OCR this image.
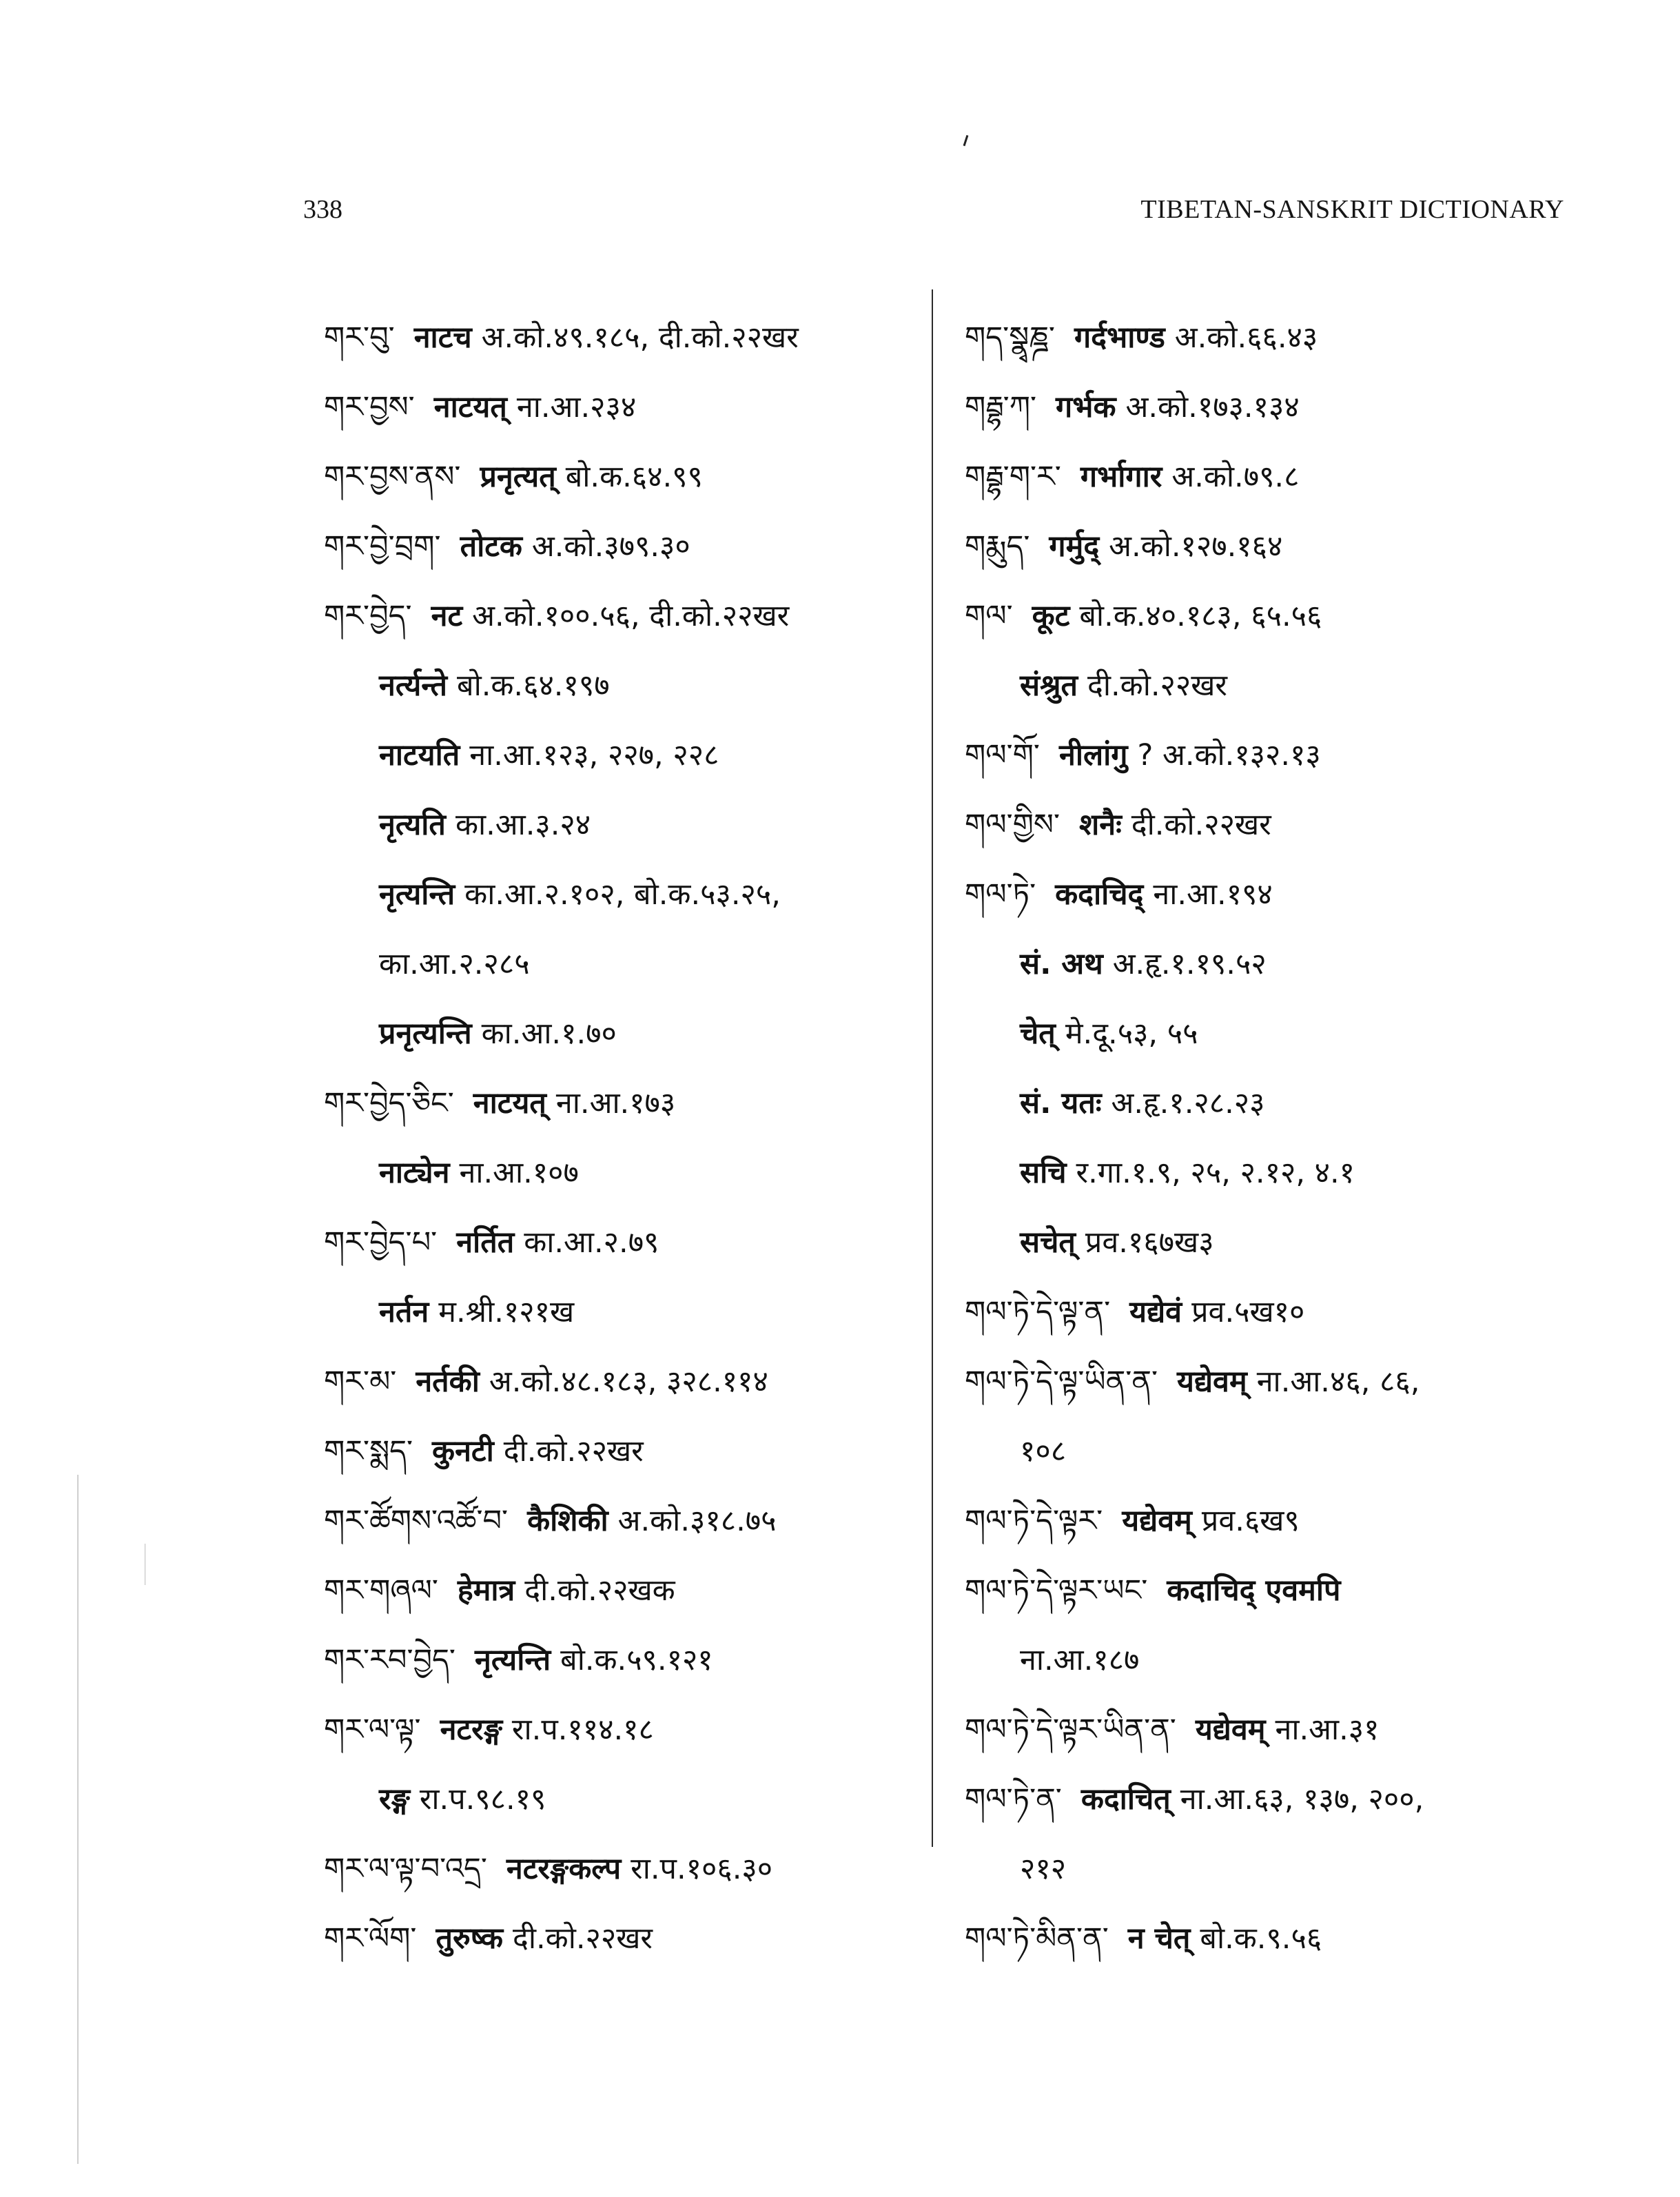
338	TIBETAN-SANSKRIT DICTIONARY
གར་བུ་ नाटच अ.को.४९.१८५, दी.को.२२खर
གར་བྱས་ नाटयत् ना.आ.२३४
གར་བྱས་ནས་ प्रनृत्यत् बो.क.६४.९९
གར་བྱེ་བྲག་ तोटक अ.को.३७९.३०
གར་བྱེད་ नट अ.को.१००.५६, दी.को.२२खर
नर्त्यन्ते बो.क.६४.१९७
नाटयति ना.आ.१२३, २२७, २२८
नृत्यति का.आ.३.२४
नृत्यन्ति का.आ.२.१०२, बो.क.५३.२५,
का.आ.२.२८५
प्रनृत्यन्ति का.आ.१.७०
གར་བྱེད་ཅིང་ नाटयत् ना.आ.१७३
नाट्येन ना.आ.१०७
གར་བྱེད་པ་ नर्तित का.आ.२.७९
नर्तन म.श्री.१२१ख
གར་མ་ नर्तकी अ.को.४८.१८३, ३२८.११४
གར་སྨད་ कुनटी दी.को.२२खर
གར་ཚོགས་འཚོ་བ་ कैशिकी अ.को.३१८.७५
གར་གཞལ་ हेमात्र दी.को.२२खक
གར་རབ་བྱེད་ नृत्यन्ति बो.क.५९.१२१
གར་ལ་ལྟ་ नटरङ्ग रा.प.११४.१८
रङ्ग रा.प.९८.१९
གར་ལ་ལྟ་བ་འདྲ་ नटरङ्गकल्प रा.प.१०६.३०
གར་ལོག་ तुरुष्क दी.को.२२खर
གད་སྣྭཎྜ་ गर्दभाण्ड अ.को.६६.४३
གརྦྷ་ཀ་ गर्भक अ.को.१७३.१३४
གརྦྷ་ག་ར་ गर्भागार अ.को.७९.८
གརྨུད་ गर्मुद् अ.को.१२७.१६४
གལ་ कूट बो.क.४०.१८३, ६५.५६
संश्रुत दी.को.२२खर
གལ་གོ་ नीलांगु ? अ.को.१३२.१३
གལ་གྱིས་ शनैः दी.को.२२खर
གལ་ཏེ་ कदाचिद् ना.आ.१९४
सं. अथ अ.हृ.१.१९.५२
चेत् मे.दू.५३, ५५
सं. यतः अ.हृ.१.२८.२३
सचि र.गा.१.९, २५, २.१२, ४.१
सचेत् प्रव.१६७ख३
གལ་ཏེ་དེ་ལྟ་ན་ यद्येवं प्रव.५ख१०
གལ་ཏེ་དེ་ལྟ་ཡིན་ན་ यद्येवम् ना.आ.४६, ८६,
१०८
གལ་ཏེ་དེ་ལྟར་ यद्येवम् प्रव.६ख९
གལ་ཏེ་དེ་ལྟར་ཡང་ कदाचिद् एवमपि
ना.आ.१८७
གལ་ཏེ་དེ་ལྟར་ཡིན་ན་ यद्येवम् ना.आ.३१
གལ་ཏེ་ན་ कदाचित् ना.आ.६३, १३७, २००,
२१२
གལ་ཏེ་མིན་ན་ न चेत् बो.क.९.५६
